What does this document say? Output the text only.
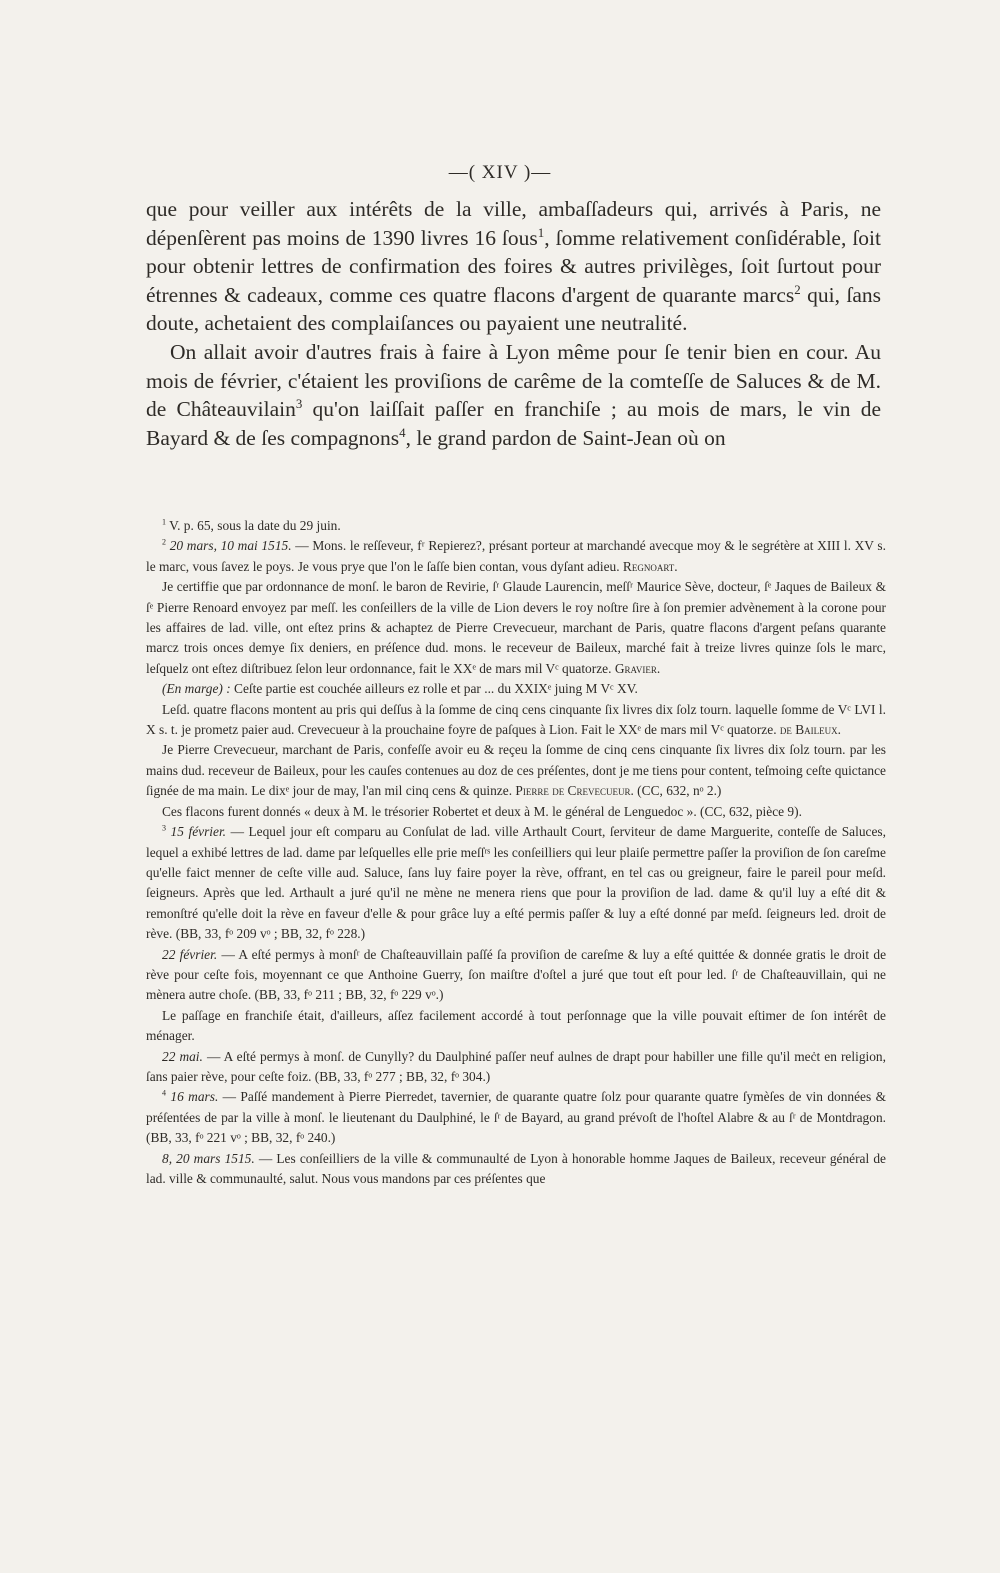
—( XIV )—

que pour veiller aux intérêts de la ville, ambaſſadeurs qui, arrivés à Paris, ne dépenſèrent pas moins de 1390 livres 16 ſous$^1$, ſomme relativement conſidérable, ſoit pour obtenir lettres de confirmation des foires & autres privilèges, ſoit ſurtout pour étrennes & cadeaux, comme ces quatre flacons d'argent de quarante marcs$^2$ qui, ſans doute, achetaient des complaiſances ou payaient une neutralité.

On allait avoir d'autres frais à faire à Lyon même pour ſe tenir bien en cour. Au mois de février, c'étaient les proviſions de carême de la comteſſe de Saluces & de M. de Châteauvilain$^3$ qu'on laiſſait paſſer en franchiſe ; au mois de mars, le vin de Bayard & de ſes compagnons$^4$, le grand pardon de Saint-Jean où on

$^1$ V. p. 65, sous la date du 29 juin.

$^2$ 20 mars, 10 mai 1515. — Mons. le reſſeveur, fʳ Repierez?, présant porteur at marchandé avecque moy & le segrétère at XIII l. XV s. le marc, vous ſavez le poys. Je vous prye que l'on le ſaſſe bien contan, vous dyſant adieu. Regnoart.

Je certiffie que par ordonnance de monſ. le baron de Revirie, ſʳ Glaude Laurencin, meſſʳ Maurice Sève, docteur, ſᵉ Jaques de Baileux & ſᵉ Pierre Renoard envoyez par meſſ. les conſeillers de la ville de Lion devers le roy noſtre ſire à ſon premier advènement à la corone pour les affaires de lad. ville, ont eſtez prins & achaptez de Pierre Crevecueur, marchant de Paris, quatre flacons d'argent peſans quarante marcz trois onces demye ſix deniers, en préſence dud. mons. le receveur de Baileux, marché fait à treize livres quinze ſols le marc, leſquelz ont eſtez diſtribuez ſelon leur ordonnance, fait le XXᵉ de mars mil Vᶜ quatorze. Gravier.

(En marge) : Ceſte partie est couchée ailleurs ez rolle et par ... du XXIXᵉ juing M Vᶜ XV.

Leſd. quatre flacons montent au pris qui deſſus à la ſomme de cinq cens cinquante ſix livres dix ſolz tourn. laquelle ſomme de Vᶜ LVI l. X s. t. je prometz paier aud. Crevecueur à la prouchaine foyre de paſques à Lion. Fait le XXᵉ de mars mil Vᶜ quatorze. de Baileux.

Je Pierre Crevecueur, marchant de Paris, confeſſe avoir eu & reçeu la ſomme de cinq cens cinquante ſix livres dix ſolz tourn. par les mains dud. receveur de Baileux, pour les cauſes contenues au doz de ces préſentes, dont je me tiens pour content, teſmoing ceſte quictance ſignée de ma main. Le dixᵉ jour de may, l'an mil cinq cens & quinze. Pierre de Crevecueur. (CC, 632, nᵒ 2.)

Ces flacons furent donnés « deux à M. le trésorier Robertet et deux à M. le général de Lenguedoc ». (CC, 632, pièce 9).

$^3$ 15 février. — Lequel jour eſt comparu au Conſulat de lad. ville Arthault Court, ſerviteur de dame Marguerite, conteſſe de Saluces, lequel a exhibé lettres de lad. dame par leſquelles elle prie meſſʳˢ les conſeilliers qui leur plaiſe permettre paſſer la proviſion de ſon careſme qu'elle faict menner de ceſte ville aud. Saluce, ſans luy faire poyer la rève, offrant, en tel cas ou greigneur, faire le pareil pour meſd. ſeigneurs. Après que led. Arthault a juré qu'il ne mène ne menera riens que pour la proviſion de lad. dame & qu'il luy a eſté dit & remonſtré qu'elle doit la rève en faveur d'elle & pour grâce luy a eſté permis paſſer & luy a eſté donné par meſd. ſeigneurs led. droit de rève. (BB, 33, fᵒ 209 vᵒ ; BB, 32, fᵒ 228.)

22 février. — A eſté permys à monſʳ de Chaſteauvillain paſſé ſa proviſion de careſme & luy a eſté quittée & donnée gratis le droit de rève pour ceſte fois, moyennant ce que Anthoine Guerry, ſon maiſtre d'oſtel a juré que tout eſt pour led. ſʳ de Chaſteauvillain, qui ne mènera autre choſe. (BB, 33, fᵒ 211 ; BB, 32, fᵒ 229 vᵒ.)

Le paſſage en franchiſe était, d'ailleurs, aſſez facilement accordé à tout perſonnage que la ville pouvait eſtimer de ſon intérêt de ménager.

22 mai. — A eſté permys à monſ. de Cunylly? du Daulphiné paſſer neuf aulnes de drapt pour habiller une fille qu'il meċt en religion, ſans paier rève, pour ceſte foiz. (BB, 33, fᵒ 277 ; BB, 32, fᵒ 304.)

$^4$ 16 mars. — Paſſé mandement à Pierre Pierredet, tavernier, de quarante quatre ſolz pour quarante quatre ſymèſes de vin données & préſentées de par la ville à monſ. le lieutenant du Daulphiné, le ſʳ de Bayard, au grand prévoſt de l'hoſtel Alabre & au ſʳ de Montdragon. (BB, 33, fᵒ 221 vᵒ ; BB, 32, fᵒ 240.)

8, 20 mars 1515. — Les conſeilliers de la ville & communaulté de Lyon à honorable homme Jaques de Baileux, receveur général de lad. ville & communaulté, salut. Nous vous mandons par ces préſentes que
